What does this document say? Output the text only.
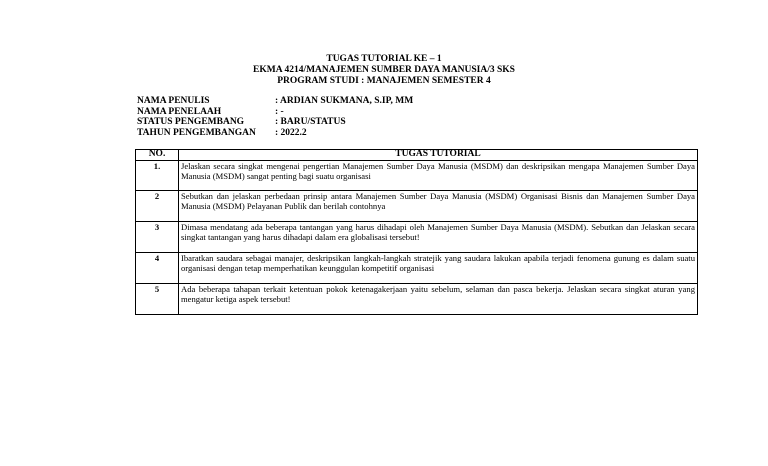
TUGAS TUTORIAL KE – 1
EKMA 4214/MANAJEMEN SUMBER DAYA MANUSIA/3 SKS
PROGRAM STUDI : MANAJEMEN SEMESTER 4
NAMA PENULIS	: ARDIAN SUKMANA, S.IP, MM
NAMA PENELAAH	: -
STATUS PENGEMBANG	: BARU/STATUS
TAHUN PENGEMBANGAN	: 2022.2
NO.	TUGAS TUTORIAL
1.	Jelaskan secara singkat mengenai pengertian Manajemen Sumber Daya Manusia (MSDM) dan deskripsikan mengapa Manajemen Sumber Daya Manusia (MSDM) sangat penting bagi suatu organisasi
2	Sebutkan dan jelaskan perbedaan prinsip antara Manajemen Sumber Daya Manusia (MSDM) Organisasi Bisnis dan Manajemen Sumber Daya Manusia (MSDM) Pelayanan Publik dan berilah contohnya
3	Dimasa mendatang ada beberapa tantangan yang harus dihadapi oleh Manajemen Sumber Daya Manusia (MSDM). Sebutkan dan Jelaskan secara singkat tantangan yang harus dihadapi dalam era globalisasi tersebut!
4	Ibaratkan saudara sebagai manajer, deskripsikan langkah-langkah stratejik yang saudara lakukan apabila terjadi fenomena gunung es dalam suatu organisasi dengan tetap memperhatikan keunggulan kompetitif organisasi
5	Ada beberapa tahapan terkait ketentuan pokok ketenagakerjaan yaitu sebelum, selaman dan pasca bekerja. Jelaskan secara singkat aturan yang mengatur ketiga aspek tersebut!
